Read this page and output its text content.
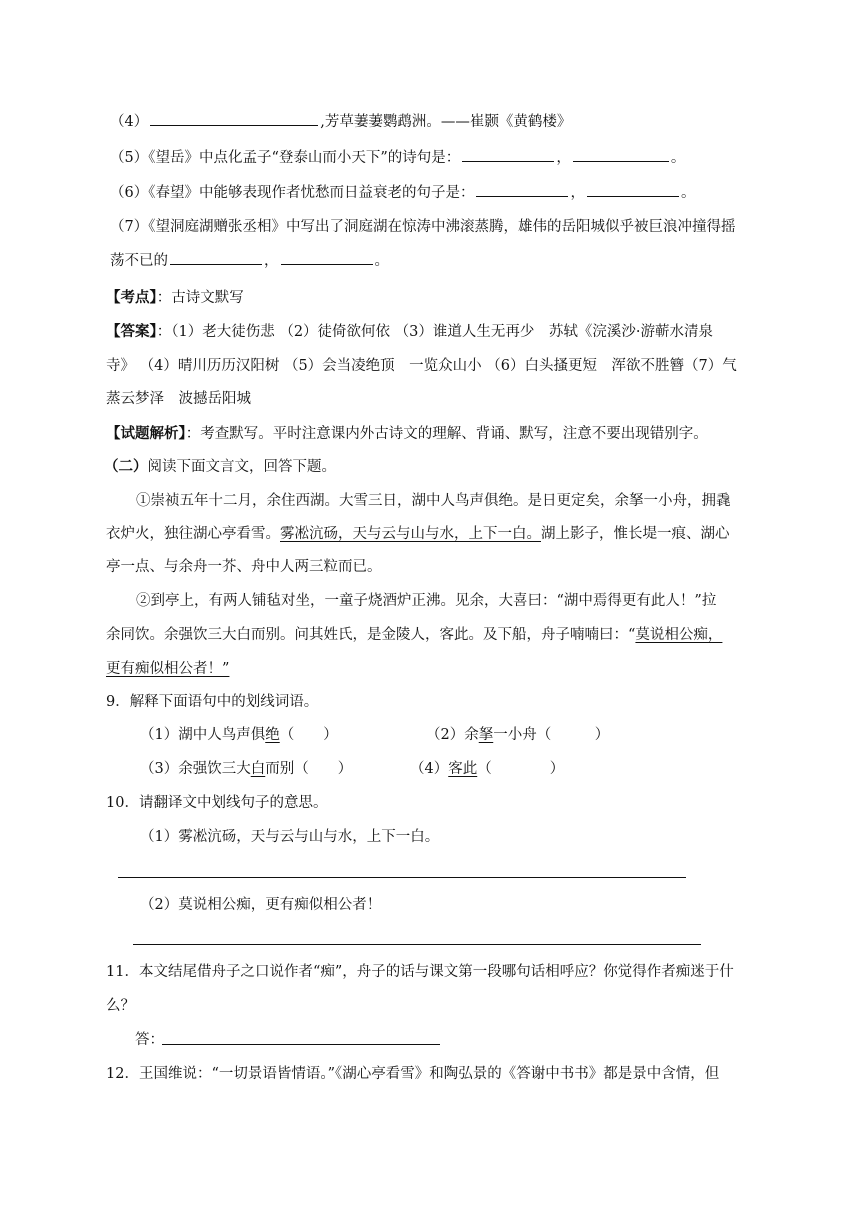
（4）	,芳草萋萋鹦鹉洲。——崔颢《黄鹤楼》
（5）《望岳》中点化孟子“登泰山而小天下”的诗句是：	，	。
（6）《春望》中能够表现作者忧愁而日益衰老的句子是：	，	。
（7）《望洞庭湖赠张丞相》中写出了洞庭湖在惊涛中沸滚蒸腾，雄伟的岳阳城似乎被巨浪冲撞得摇
荡不已的	，	。
【考点】：古诗文默写
【答案】：（1）老大徒伤悲 （2）徒倚欲何依 （3）谁道人生无再少　苏轼《浣溪沙·游蕲水清泉
寺》 （4）晴川历历汉阳树 （5）会当凌绝顶　一览众山小 （6）白头搔更短　浑欲不胜簪（7）气
蒸云梦泽　波撼岳阳城
【试题解析】：考查默写。平时注意课内外古诗文的理解、背诵、默写，注意不要出现错别字。
（二）阅读下面文言文，回答下题。
①崇祯五年十二月，余住西湖。大雪三日，湖中人鸟声俱绝。是日更定矣，余拏一小舟，拥毳
衣炉火，独往湖心亭看雪。雾凇沆砀，天与云与山与水，上下一白。湖上影子，惟长堤一痕、湖心
亭一点、与余舟一芥、舟中人两三粒而已。
②到亭上，有两人铺毡对坐，一童子烧酒炉正沸。见余，大喜曰：“湖中焉得更有此人！”拉
余同饮。余强饮三大白而别。问其姓氏，是金陵人，客此。及下船，舟子喃喃曰：“莫说相公痴，
更有痴似相公者！”
9．解释下面语句中的划线词语。
（1）湖中人鸟声俱绝（　　）	（2）余拏一小舟（　　　）
（3）余强饮三大白而别（　　）	（4）客此（　　　　）
10．请翻译文中划线句子的意思。
（1）雾凇沆砀，天与云与山与水，上下一白。
（2）莫说相公痴，更有痴似相公者！
11．本文结尾借舟子之口说作者“痴”，舟子的话与课文第一段哪句话相呼应？你觉得作者痴迷于什
么？
答：
12．王国维说：“一切景语皆情语。”《湖心亭看雪》和陶弘景的《答谢中书书》都是景中含情，但
